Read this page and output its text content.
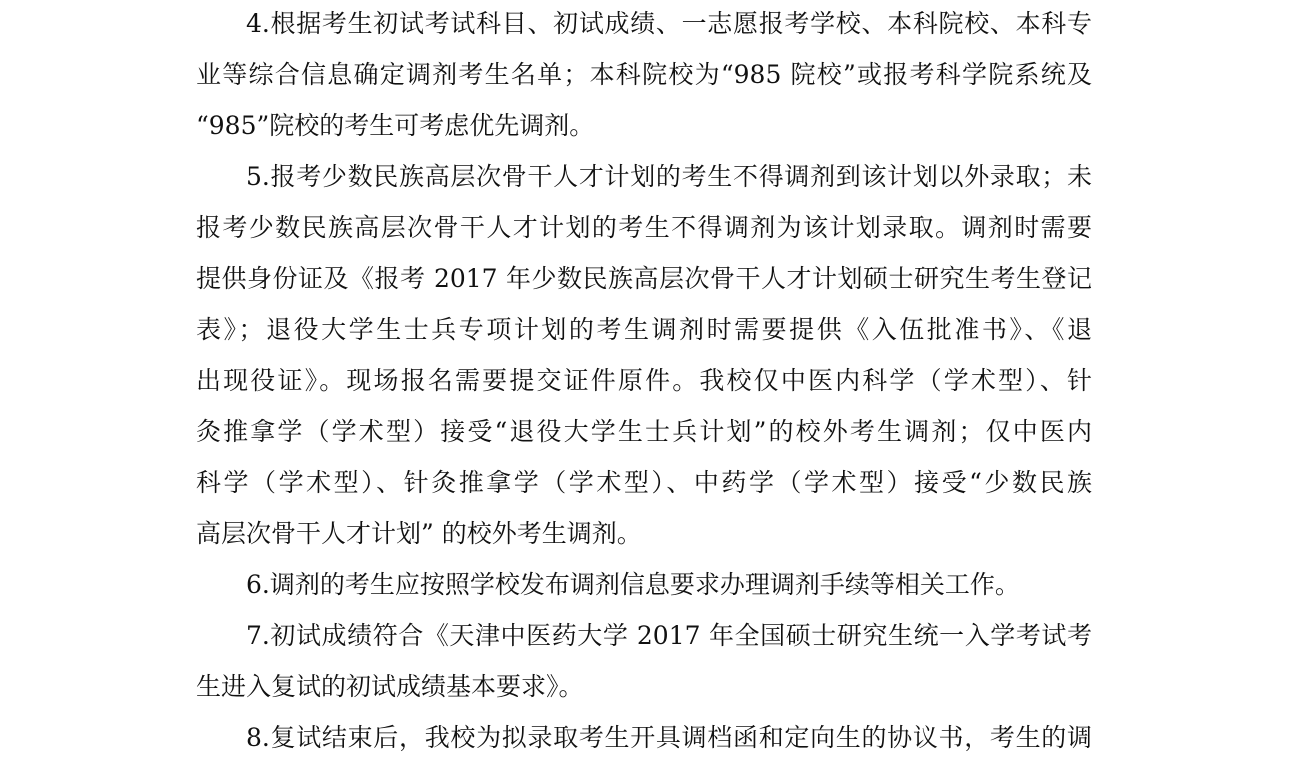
4.根据考生初试考试科目、初试成绩、一志愿报考学校、本科院校、本科专
业等综合信息确定调剂考生名单；本科院校为“985 院校”或报考科学院系统及
“985”院校的考生可考虑优先调剂。
5.报考少数民族高层次骨干人才计划的考生不得调剂到该计划以外录取；未
报考少数民族高层次骨干人才计划的考生不得调剂为该计划录取。调剂时需要
提供身份证及《报考 2017 年少数民族高层次骨干人才计划硕士研究生考生登记
表》；退役大学生士兵专项计划的考生调剂时需要提供《入伍批准书》、《退
出现役证》。现场报名需要提交证件原件。我校仅中医内科学（学术型）、针
灸推拿学（学术型）接受“退役大学生士兵计划”的校外考生调剂；仅中医内
科学（学术型）、针灸推拿学（学术型）、中药学（学术型）接受“少数民族
高层次骨干人才计划” 的校外考生调剂。
6.调剂的考生应按照学校发布调剂信息要求办理调剂手续等相关工作。
7.初试成绩符合《天津中医药大学 2017 年全国硕士研究生统一入学考试考
生进入复试的初试成绩基本要求》。
8.复试结束后，我校为拟录取考生开具调档函和定向生的协议书，考生的调
